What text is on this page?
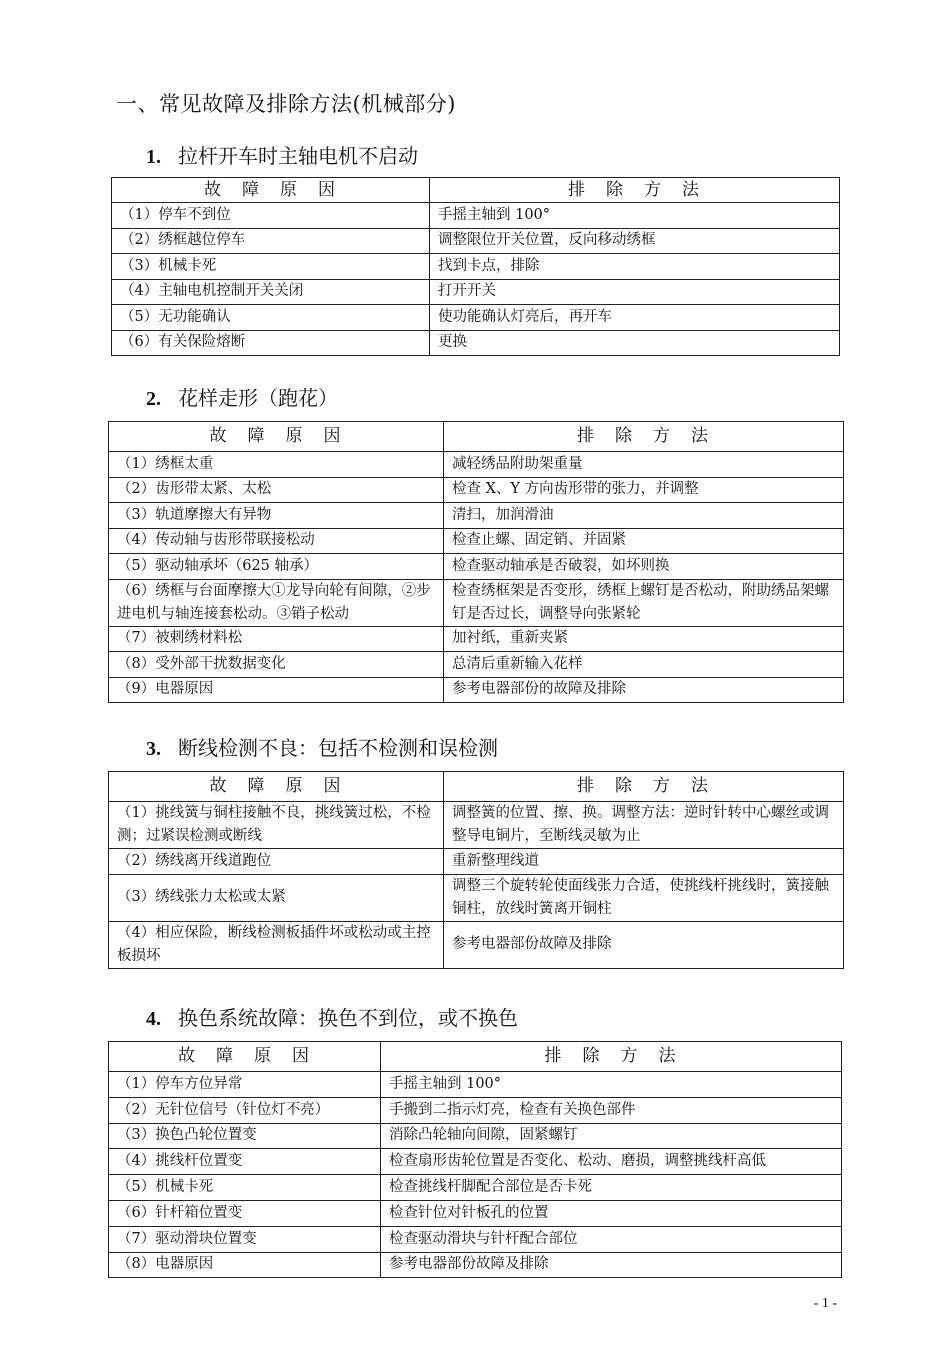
一、常见故障及排除方法(机械部分)
1. 拉杆开车时主轴电机不启动
故　障　原　因	排　除　方　法
（1）停车不到位	手摇主轴到 100°
（2）绣框越位停车	调整限位开关位置，反向移动绣框
（3）机械卡死	找到卡点，排除
（4）主轴电机控制开关关闭	打开开关
（5）无功能确认	使功能确认灯亮后，再开车
（6）有关保险熔断	更换
2. 花样走形（跑花）
故　障　原　因	排　除　方　法
（1）绣框太重	减轻绣品附助架重量
（2）齿形带太紧、太松	检查 X、Y 方向齿形带的张力，并调整
（3）轨道摩擦大有异物	清扫，加润滑油
（4）传动轴与齿形带联接松动	检查止螺、固定销、并固紧
（5）驱动轴承坏（625 轴承）	检查驱动轴承是否破裂，如坏则换
（6）绣框与台面摩擦大①龙导向轮有间隙，②步进电机与轴连接套松动。③销子松动	检查绣框架是否变形，绣框上螺钉是否松动，附助绣品架螺钉是否过长，调整导向张紧轮
（7）被剌绣材料松	加衬纸，重新夹紧
（8）受外部干扰数据变化	总清后重新输入花样
（9）电器原因	参考电器部份的故障及排除
3. 断线检测不良：包括不检测和误检测
故　障　原　因	排　除　方　法
（1）挑线簧与铜柱接触不良，挑线簧过松，不检测；过紧误检测或断线	调整簧的位置、擦、换。调整方法：逆时针转中心螺丝或调整导电铜片，至断线灵敏为止
（2）绣线离开线道跑位	重新整理线道
（3）绣线张力太松或太紧	调整三个旋转轮使面线张力合适，使挑线杆挑线时，簧接触铜柱，放线时簧离开铜柱
（4）相应保险，断线检测板插件坏或松动或主控板损坏	参考电器部份故障及排除
4. 换色系统故障：换色不到位，或不换色
故　障　原　因	排　除　方　法
（1）停车方位异常	手摇主轴到 100°
（2）无针位信号（针位灯不亮）	手搬到二指示灯亮，检查有关换色部件
（3）换色凸轮位置变	消除凸轮轴向间隙，固紧螺钉
（4）挑线杆位置变	检查扇形齿轮位置是否变化、松动、磨损，调整挑线杆高低
（5）机械卡死	检查挑线杆脚配合部位是否卡死
（6）针杆箱位置变	检查针位对针板孔的位置
（7）驱动滑块位置变	检查驱动滑块与针杆配合部位
（8）电器原因	参考电器部份故障及排除
- 1 -
